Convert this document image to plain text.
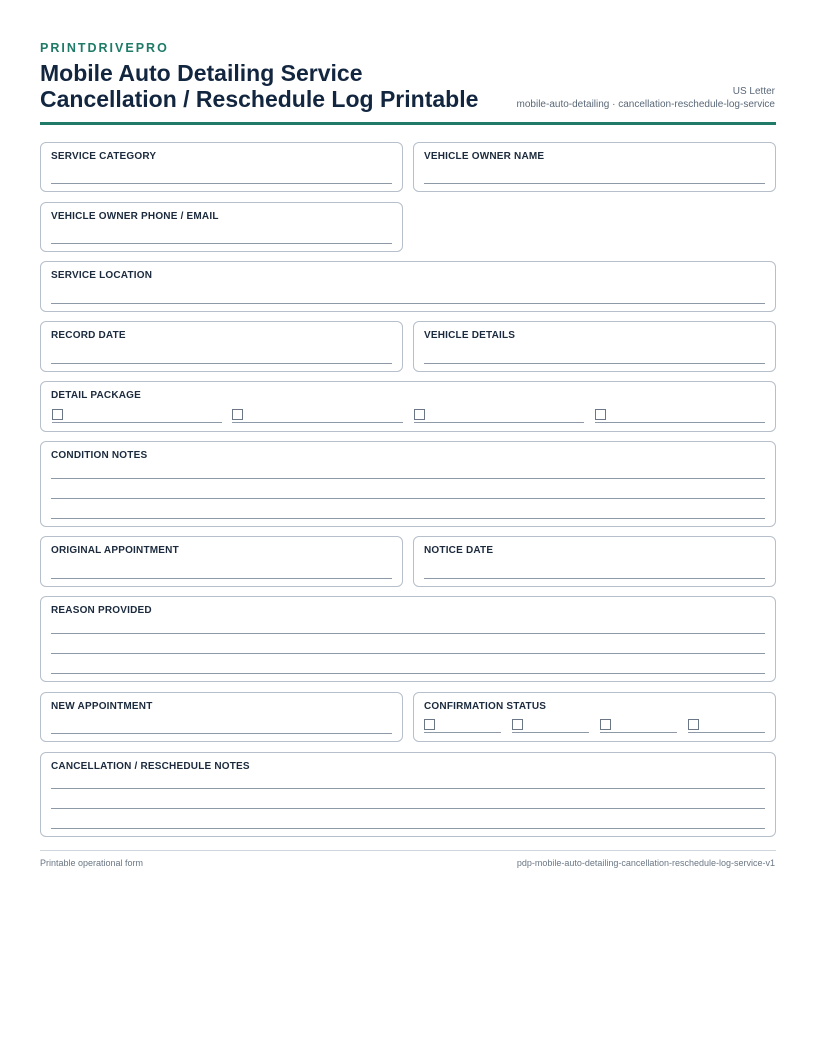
PRINTDRIVEPRO
Mobile Auto Detailing Service
Cancellation / Reschedule Log Printable	US Letter
mobile-auto-detailing · cancellation-reschedule-log-service
SERVICE CATEGORY	VEHICLE OWNER NAME
VEHICLE OWNER PHONE / EMAIL
SERVICE LOCATION
RECORD DATE	VEHICLE DETAILS
DETAIL PACKAGE
CONDITION NOTES
ORIGINAL APPOINTMENT	NOTICE DATE
REASON PROVIDED
NEW APPOINTMENT	CONFIRMATION STATUS
CANCELLATION / RESCHEDULE NOTES
Printable operational form	pdp-mobile-auto-detailing-cancellation-reschedule-log-service-v1
